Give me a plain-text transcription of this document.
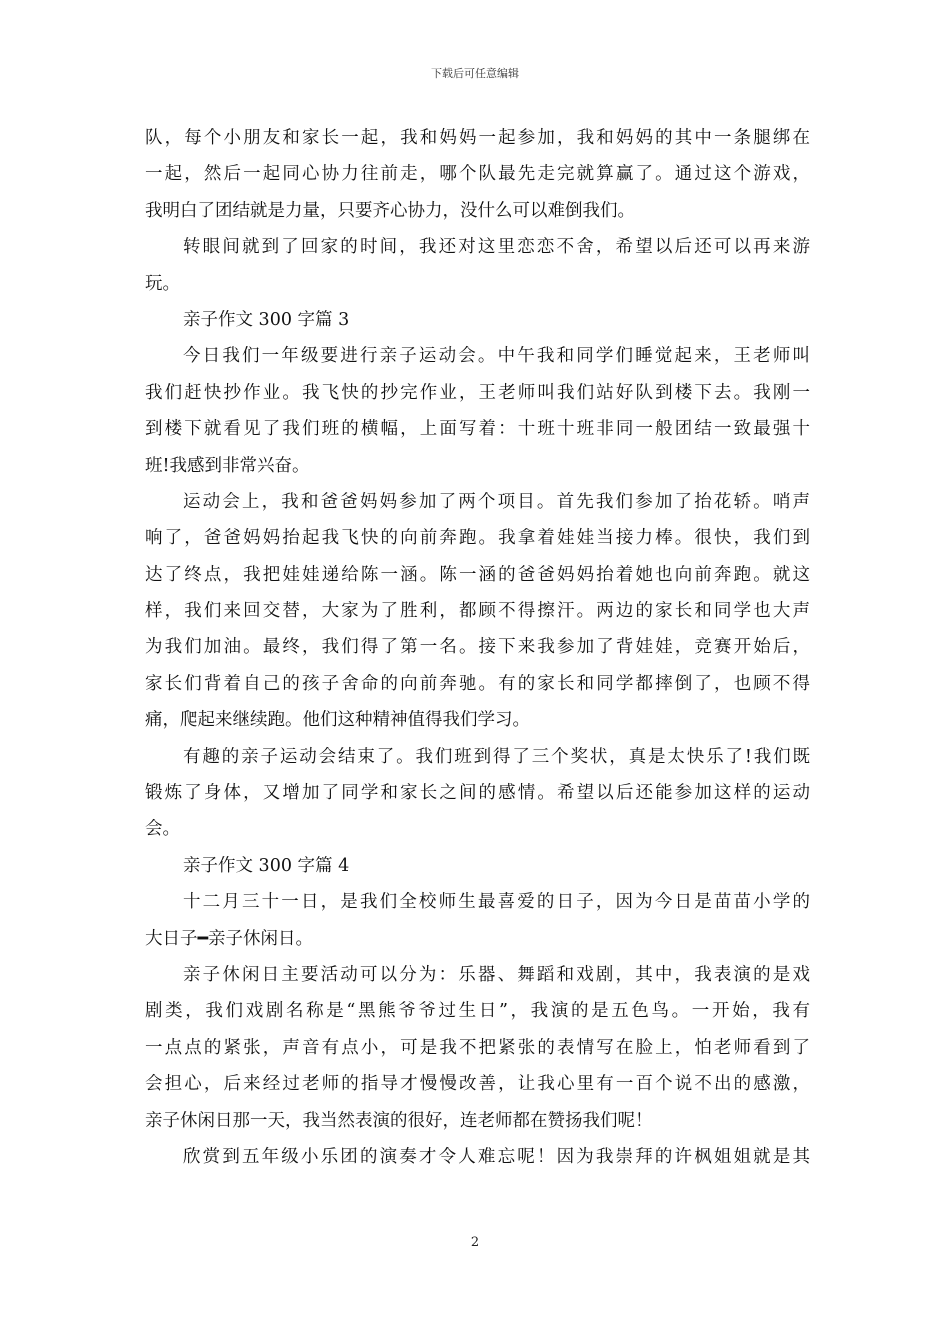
下载后可任意编辑
队，每个小朋友和家长一起，我和妈妈一起参加，我和妈妈的其中一条腿绑在
一起，然后一起同心协力往前走，哪个队最先走完就算赢了。通过这个游戏，
我明白了团结就是力量，只要齐心协力，没什么可以难倒我们。
转眼间就到了回家的时间，我还对这里恋恋不舍，希望以后还可以再来游
玩。
亲子作文 300 字篇 3
今日我们一年级要进行亲子运动会。中午我和同学们睡觉起来，王老师叫
我们赶快抄作业。我飞快的抄完作业，王老师叫我们站好队到楼下去。我刚一
到楼下就看见了我们班的横幅，上面写着：十班十班非同一般团结一致最强十
班!我感到非常兴奋。
运动会上，我和爸爸妈妈参加了两个项目。首先我们参加了抬花轿。哨声
响了，爸爸妈妈抬起我飞快的向前奔跑。我拿着娃娃当接力棒。很快，我们到
达了终点，我把娃娃递给陈一涵。陈一涵的爸爸妈妈抬着她也向前奔跑。就这
样，我们来回交替，大家为了胜利，都顾不得擦汗。两边的家长和同学也大声
为我们加油。最终，我们得了第一名。接下来我参加了背娃娃，竞赛开始后，
家长们背着自己的孩子舍命的向前奔驰。有的家长和同学都摔倒了，也顾不得
痛，爬起来继续跑。他们这种精神值得我们学习。
有趣的亲子运动会结束了。我们班到得了三个奖状，真是太快乐了!我们既
锻炼了身体，又增加了同学和家长之间的感情。希望以后还能参加这样的运动
会。
亲子作文 300 字篇 4
十二月三十一日，是我们全校师生最喜爱的日子，因为今日是苗苗小学的
大日子━亲子休闲日。
亲子休闲日主要活动可以分为：乐器、舞蹈和戏剧，其中，我表演的是戏
剧类，我们戏剧名称是“黑熊爷爷过生日”，我演的是五色鸟。一开始，我有
一点点的紧张，声音有点小，可是我不把紧张的表情写在脸上，怕老师看到了
会担心，后来经过老师的指导才慢慢改善，让我心里有一百个说不出的感激，
亲子休闲日那一天，我当然表演的很好，连老师都在赞扬我们呢！
欣赏到五年级小乐团的演奏才令人难忘呢！因为我崇拜的许枫姐姐就是其
2
